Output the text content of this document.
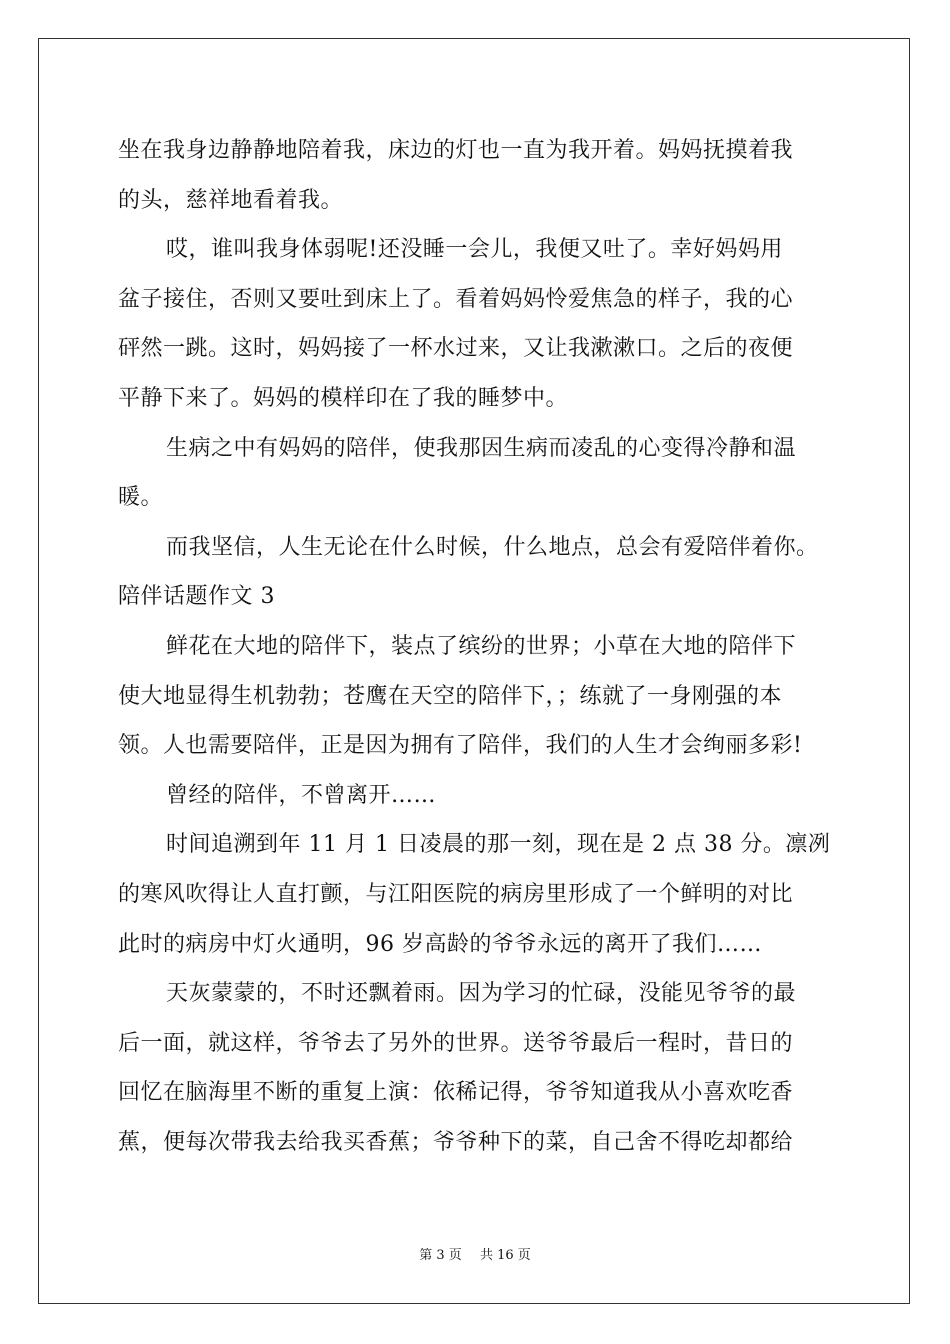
坐在我身边静静地陪着我，床边的灯也一直为我开着。妈妈抚摸着我
的头，慈祥地看着我。
哎，谁叫我身体弱呢!还没睡一会儿，我便又吐了。幸好妈妈用
盆子接住，否则又要吐到床上了。看着妈妈怜爱焦急的样子，我的心
砰然一跳。这时，妈妈接了一杯水过来，又让我漱漱口。之后的夜便
平静下来了。妈妈的模样印在了我的睡梦中。
生病之中有妈妈的陪伴，使我那因生病而凌乱的心变得冷静和温
暖。
而我坚信，人生无论在什么时候，什么地点，总会有爱陪伴着你。
陪伴话题作文 3
鲜花在大地的陪伴下，装点了缤纷的世界；小草在大地的陪伴下
使大地显得生机勃勃；苍鹰在天空的陪伴下，；练就了一身刚强的本
领。人也需要陪伴，正是因为拥有了陪伴，我们的人生才会绚丽多彩!
曾经的陪伴，不曾离开……
时间追溯到年 11 月 1 日凌晨的那一刻，现在是 2 点 38 分。凛冽
的寒风吹得让人直打颤，与江阳医院的病房里形成了一个鲜明的对比
此时的病房中灯火通明，96 岁高龄的爷爷永远的离开了我们……
天灰蒙蒙的，不时还飘着雨。因为学习的忙碌，没能见爷爷的最
后一面，就这样，爷爷去了另外的世界。送爷爷最后一程时，昔日的
回忆在脑海里不断的重复上演：依稀记得，爷爷知道我从小喜欢吃香
蕉，便每次带我去给我买香蕉；爷爷种下的菜，自己舍不得吃却都给
第 3 页 共 16 页
